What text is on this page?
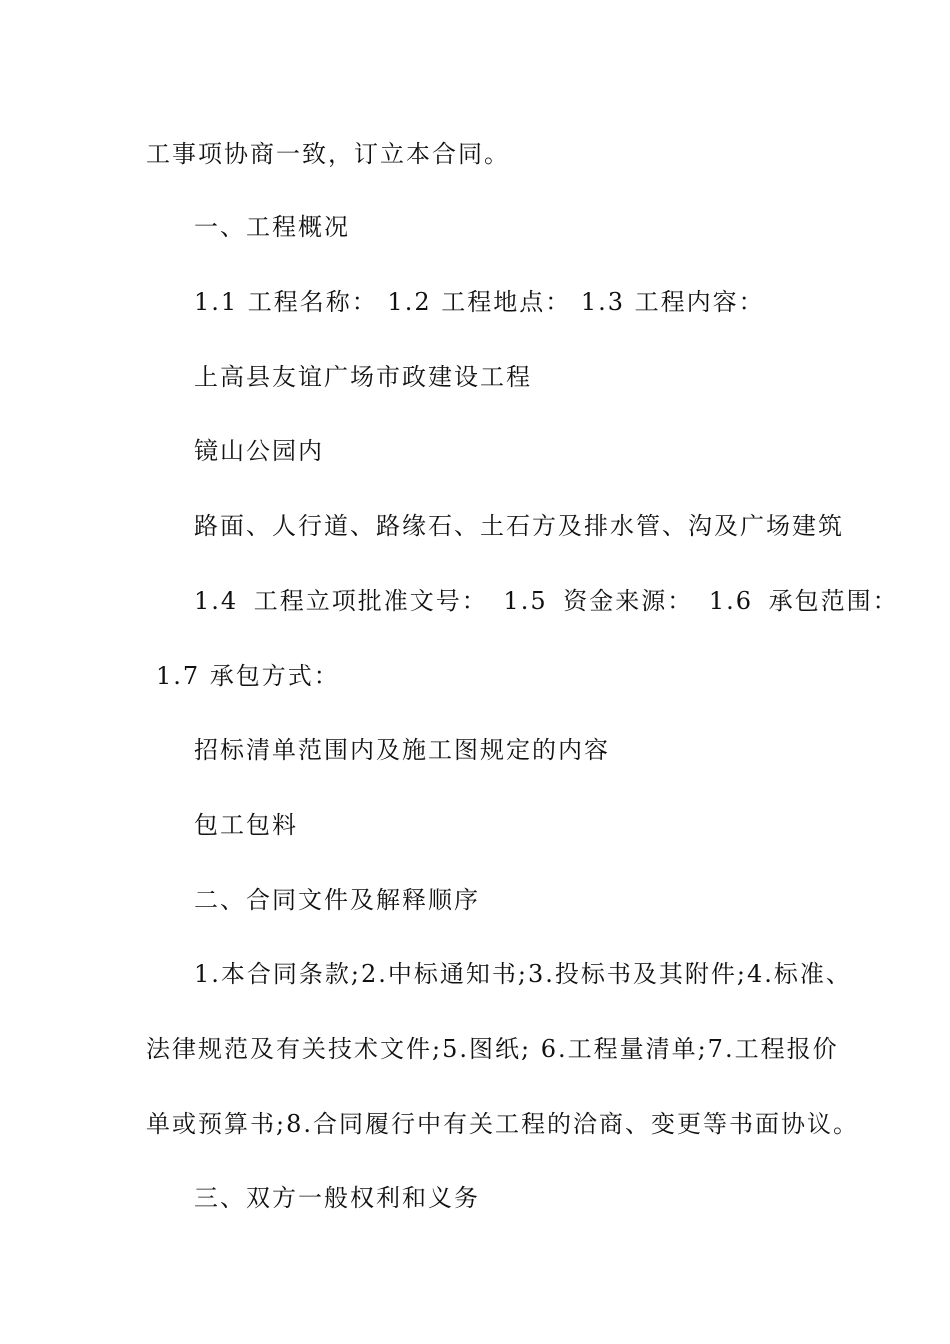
工事项协商一致，订立本合同。
一、工程概况
1.1 工程名称： 1.2 工程地点： 1.3 工程内容：
上高县友谊广场市政建设工程
镜山公园内
路面、人行道、路缘石、土石方及排水管、沟及广场建筑
1.4 工程立项批准文号： 1.5 资金来源： 1.6 承包范围：
1.7 承包方式：
招标清单范围内及施工图规定的内容
包工包料
二、合同文件及解释顺序
1.本合同条款;2.中标通知书;3.投标书及其附件;4.标准、
法律规范及有关技术文件;5.图纸; 6.工程量清单;7.工程报价
单或预算书;8.合同履行中有关工程的洽商、变更等书面协议。
三、双方一般权利和义务
